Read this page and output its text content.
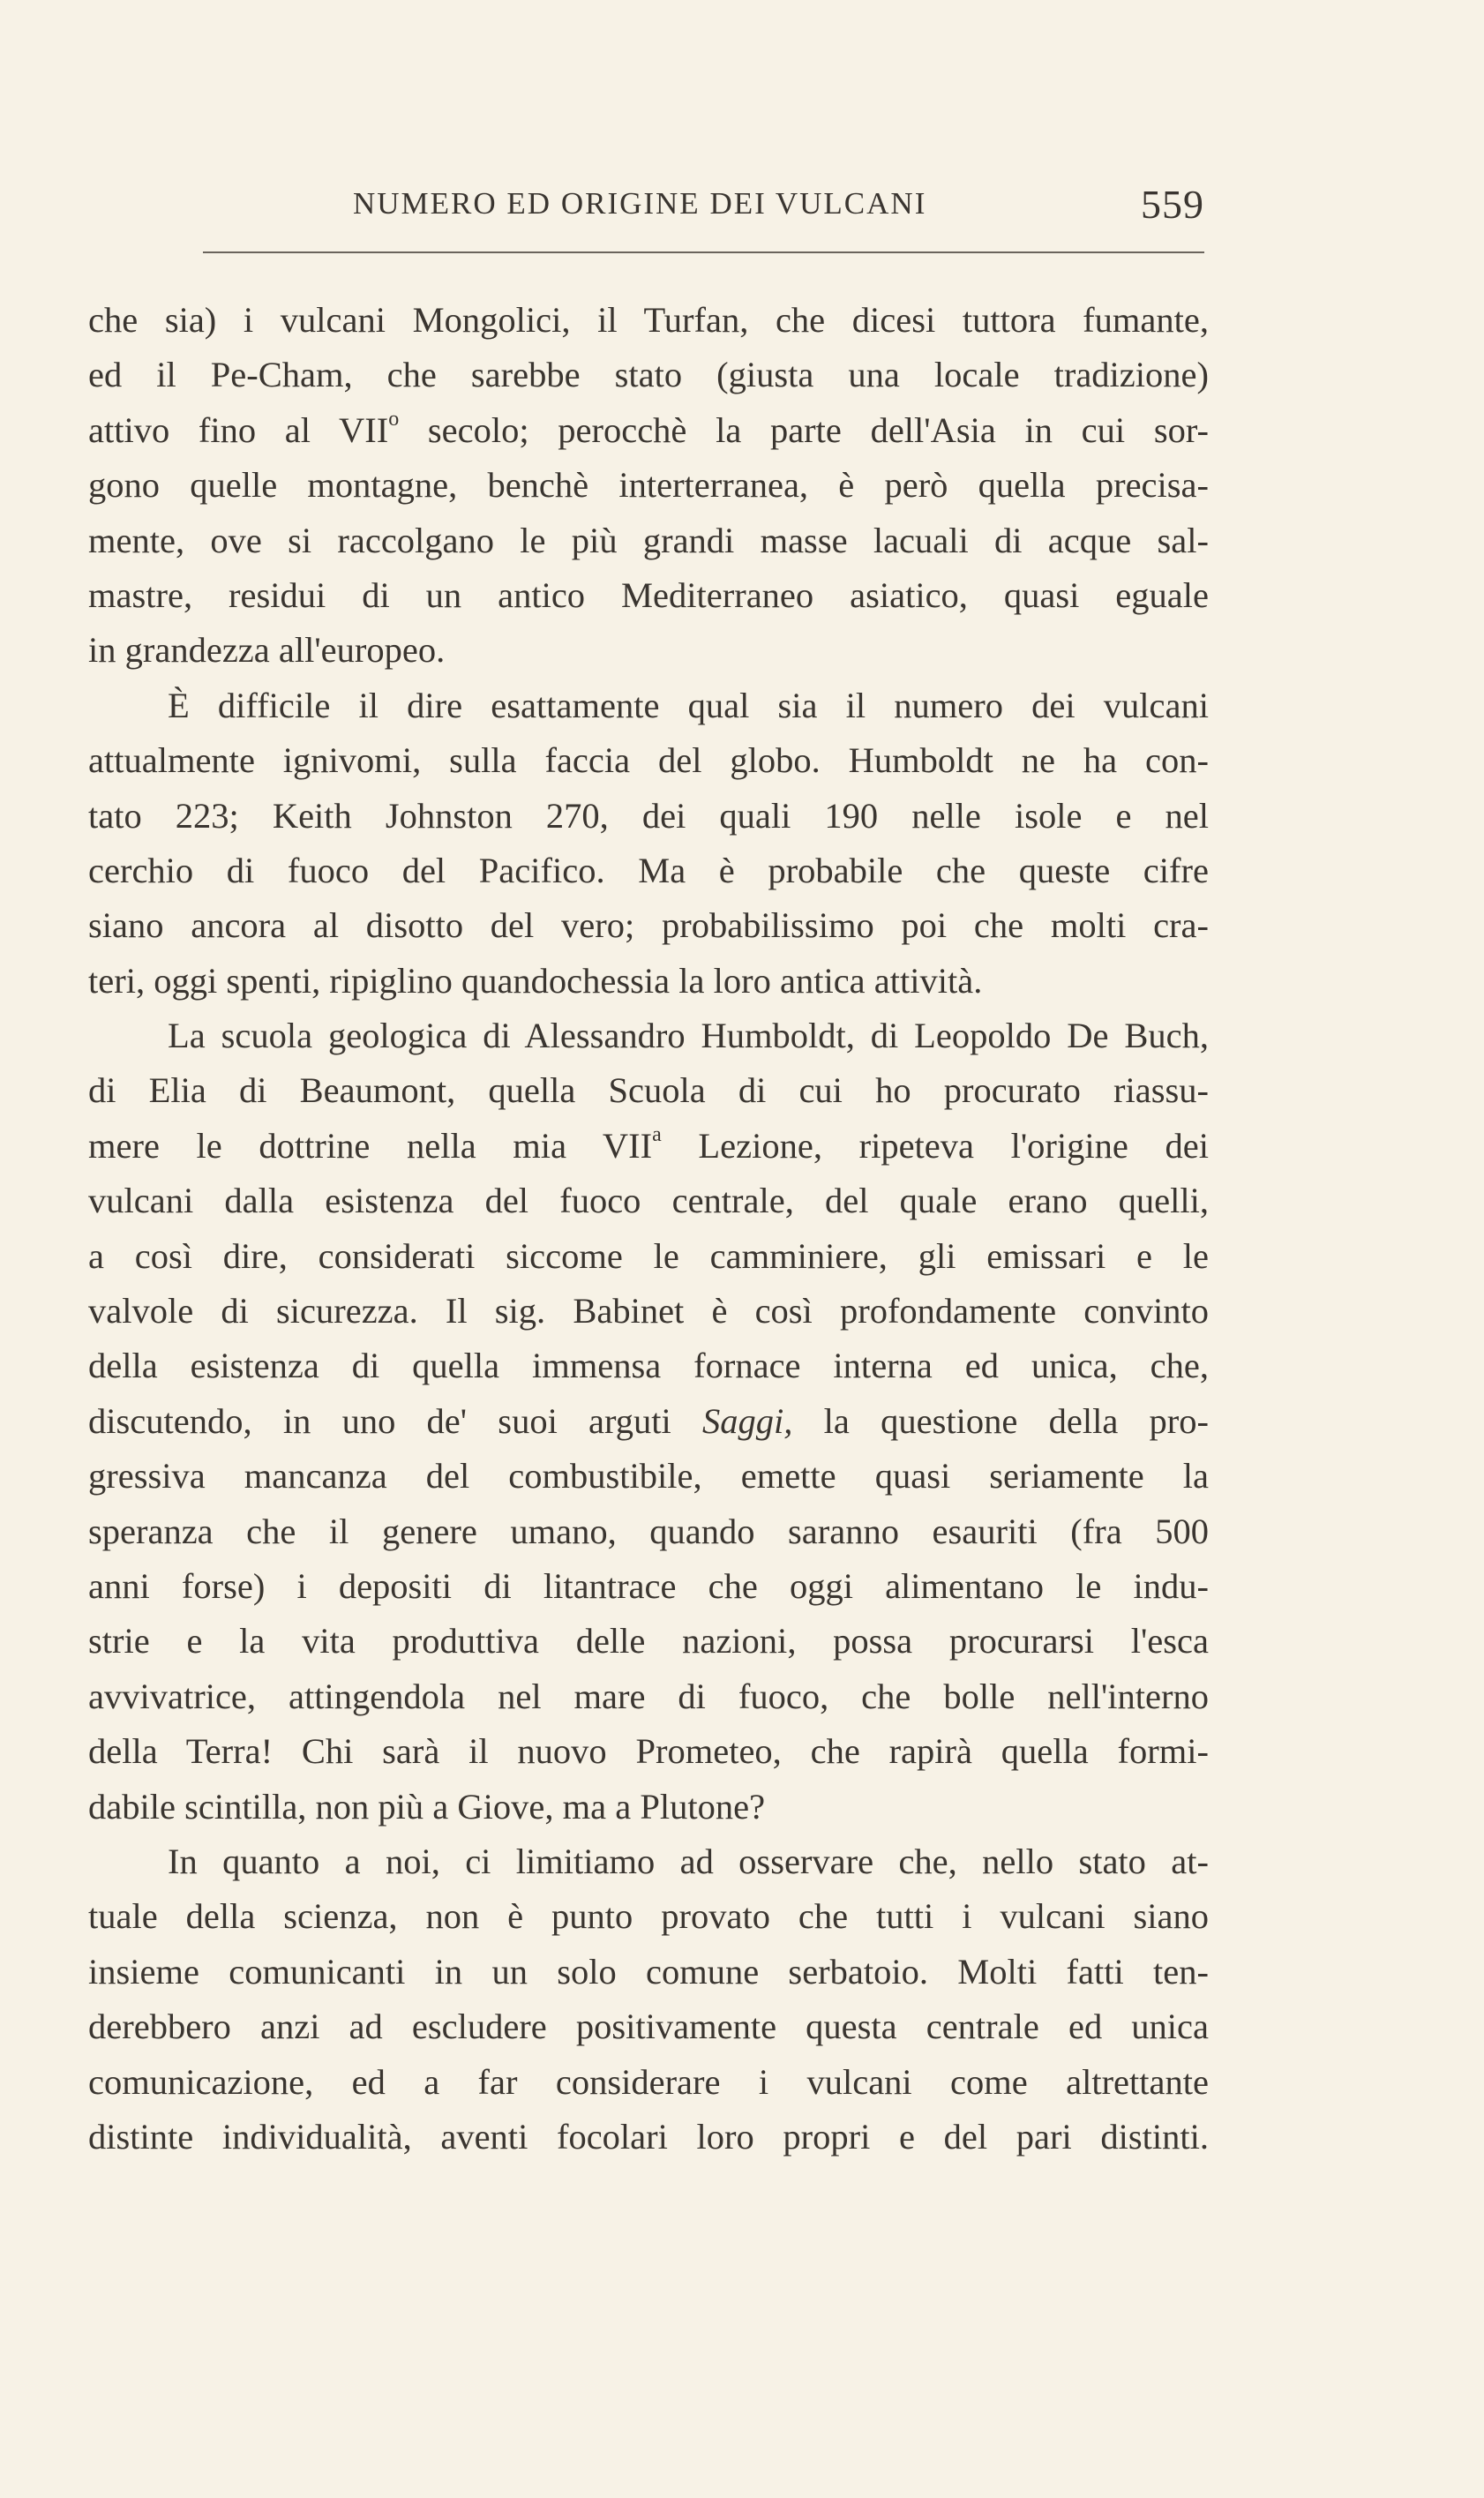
NUMERO ED ORIGINE DEI VULCANI	559
che sia) i vulcani Mongolici, il Turfan, che dicesi tuttora fumante,
ed il Pe-Cham, che sarebbe stato (giusta una locale tradizione)
attivo fino al VII$^o$ secolo; perocchè la parte dell'Asia in cui sor-
gono quelle montagne, benchè interterranea, è però quella precisa-
mente, ove si raccolgano le più grandi masse lacuali di acque sal-
mastre, residui di un antico Mediterraneo asiatico, quasi eguale
in grandezza all'europeo.
È difficile il dire esattamente qual sia il numero dei vulcani
attualmente ignivomi, sulla faccia del globo. Humboldt ne ha con-
tato 223; Keith Johnston 270, dei quali 190 nelle isole e nel
cerchio di fuoco del Pacifico. Ma è probabile che queste cifre
siano ancora al disotto del vero; probabilissimo poi che molti cra-
teri, oggi spenti, ripiglino quandochessia la loro antica attività.
La scuola geologica di Alessandro Humboldt, di Leopoldo De Buch,
di Elia di Beaumont, quella Scuola di cui ho procurato riassu-
mere le dottrine nella mia VII$^a$ Lezione, ripeteva l'origine dei
vulcani dalla esistenza del fuoco centrale, del quale erano quelli,
a così dire, considerati siccome le camminiere, gli emissari e le
valvole di sicurezza. Il sig. Babinet è così profondamente convinto
della esistenza di quella immensa fornace interna ed unica, che,
discutendo, in uno de' suoi arguti Saggi, la questione della pro-
gressiva mancanza del combustibile, emette quasi seriamente la
speranza che il genere umano, quando saranno esauriti (fra 500
anni forse) i depositi di litantrace che oggi alimentano le indu-
strie e la vita produttiva delle nazioni, possa procurarsi l'esca
avvivatrice, attingendola nel mare di fuoco, che bolle nell'interno
della Terra! Chi sarà il nuovo Prometeo, che rapirà quella formi-
dabile scintilla, non più a Giove, ma a Plutone?
In quanto a noi, ci limitiamo ad osservare che, nello stato at-
tuale della scienza, non è punto provato che tutti i vulcani siano
insieme comunicanti in un solo comune serbatoio. Molti fatti ten-
derebbero anzi ad escludere positivamente questa centrale ed unica
comunicazione, ed a far considerare i vulcani come altrettante
distinte individualità, aventi focolari loro propri e del pari distinti.
